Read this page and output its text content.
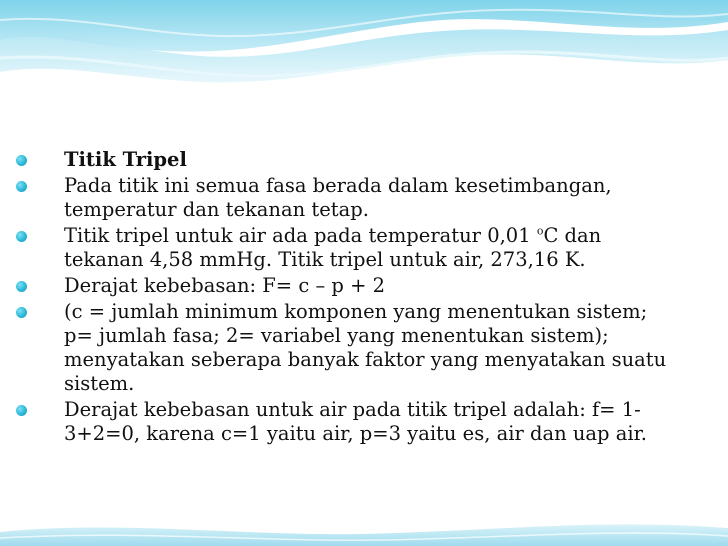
Titik Tripel
Pada titik ini semua fasa berada dalam kesetimbangan, temperatur dan tekanan tetap.
Titik tripel untuk air ada pada temperatur 0,01 $^o$C dan tekanan 4,58 mmHg. Titik tripel untuk air, 273,16 K.
Derajat kebebasan: F= c – p + 2
(c = jumlah minimum komponen yang menentukan sistem; p= jumlah fasa; 2= variabel yang menentukan sistem); menyatakan seberapa banyak faktor yang menyatakan suatu sistem.
Derajat kebebasan untuk air pada titik tripel adalah: f= 1-3+2=0, karena c=1 yaitu air, p=3 yaitu es, air dan uap air.
